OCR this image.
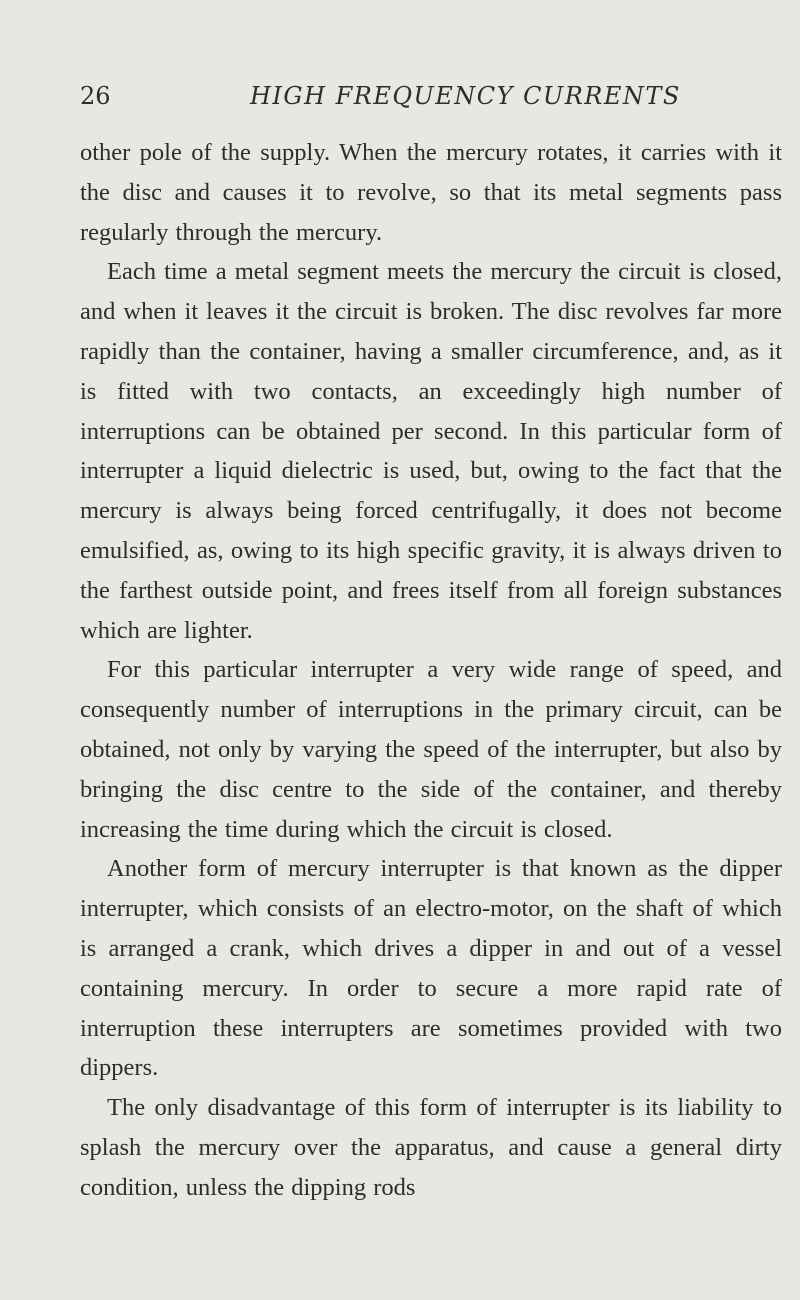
26	HIGH FREQUENCY CURRENTS

other pole of the supply. When the mercury rotates, it carries with it the disc and causes it to revolve, so that its metal segments pass regularly through the mercury.

Each time a metal segment meets the mercury the circuit is closed, and when it leaves it the circuit is broken. The disc revolves far more rapidly than the container, having a smaller circumference, and, as it is fitted with two contacts, an exceedingly high number of interruptions can be obtained per second. In this particular form of interrupter a liquid dielectric is used, but, owing to the fact that the mercury is always being forced centrifugally, it does not become emulsified, as, owing to its high specific gravity, it is always driven to the farthest outside point, and frees itself from all foreign substances which are lighter.

For this particular interrupter a very wide range of speed, and consequently number of interruptions in the primary circuit, can be obtained, not only by varying the speed of the interrupter, but also by bringing the disc centre to the side of the container, and thereby increasing the time during which the circuit is closed.

Another form of mercury interrupter is that known as the dipper interrupter, which consists of an electro-motor, on the shaft of which is arranged a crank, which drives a dipper in and out of a vessel containing mercury. In order to secure a more rapid rate of interruption these interrupters are sometimes provided with two dippers.

The only disadvantage of this form of interrupter is its liability to splash the mercury over the apparatus, and cause a general dirty condition, unless the dipping rods
